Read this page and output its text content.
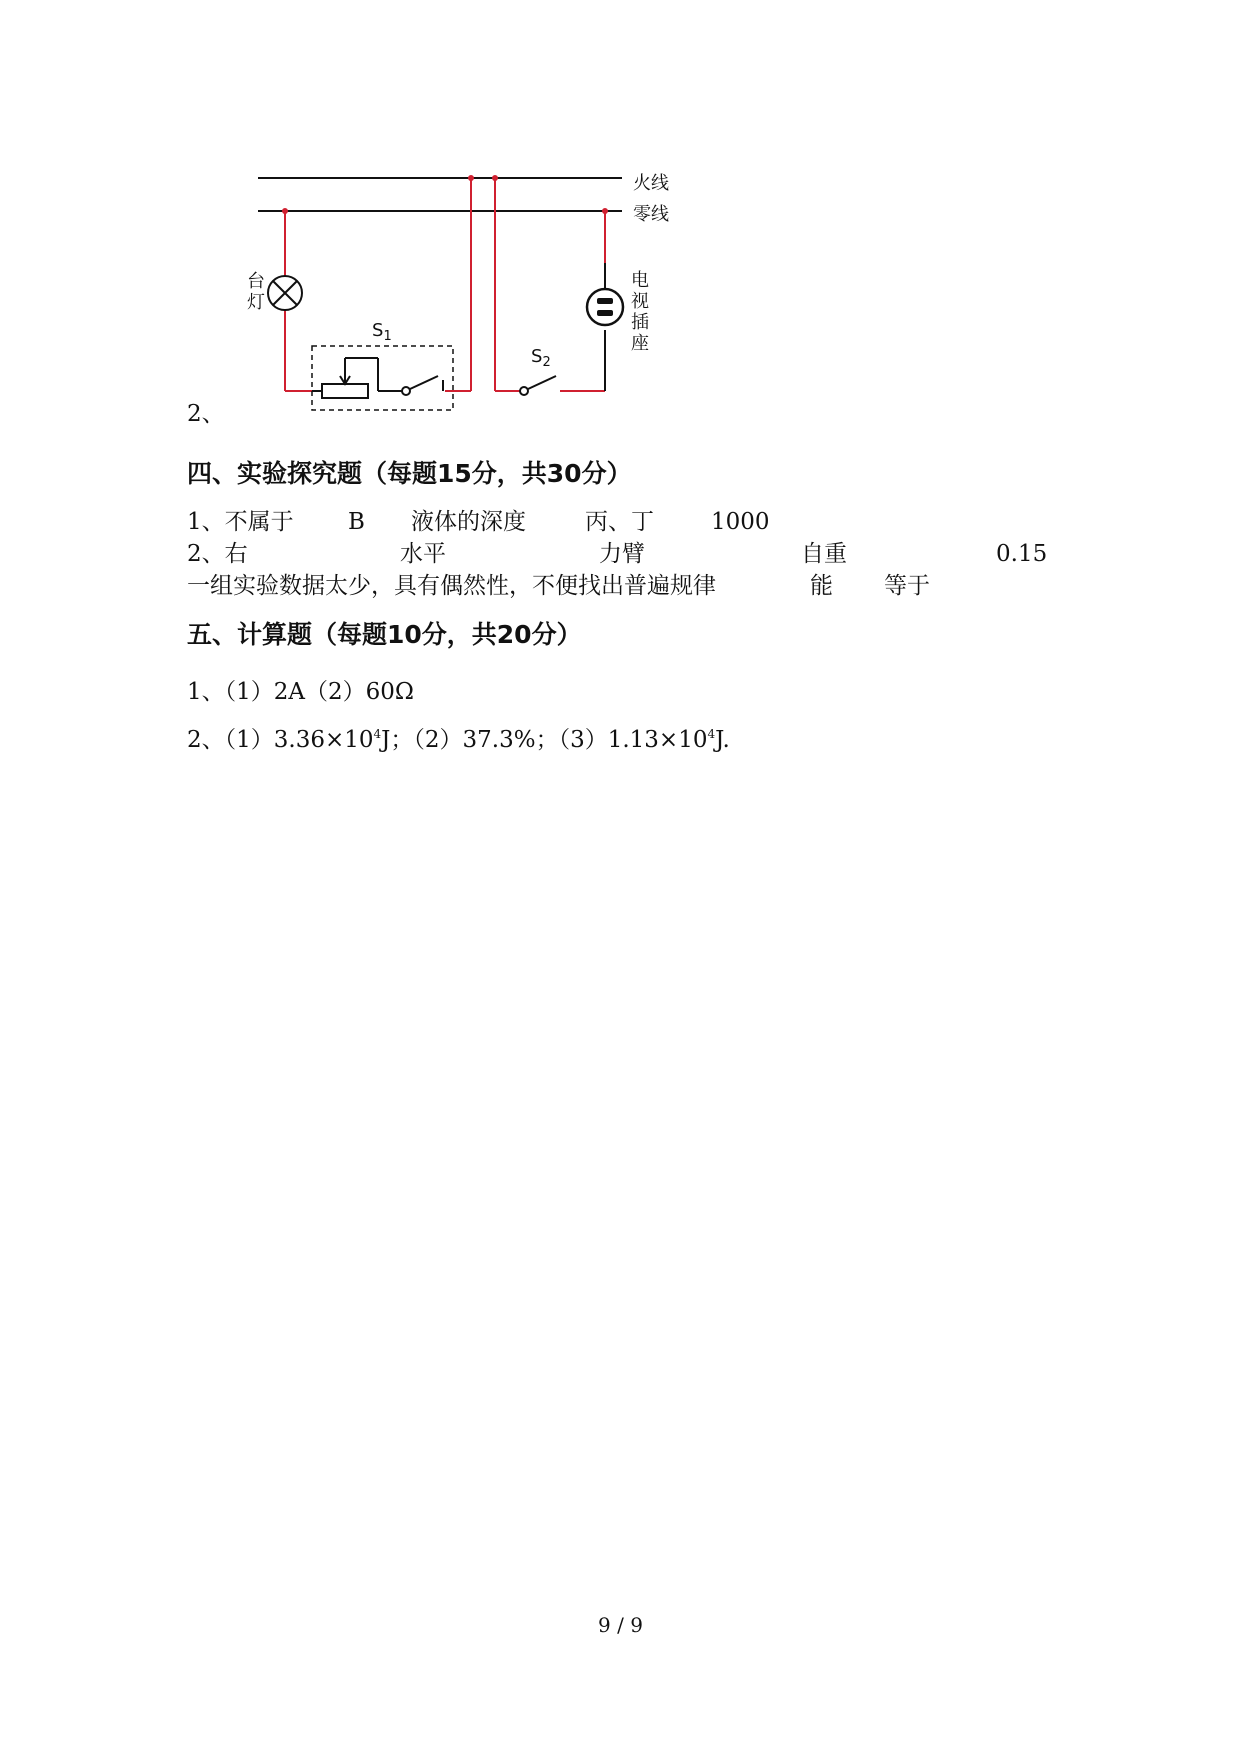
火线
零线
台
灯
电
视
插
座
$S_1$
$S_2$
2、
四、实验探究题（每题15分，共30分）
1、不属于 B 液体的深度	丙、丁 1000
2、右	水平	力臂	自重	0.15
一组实验数据太少，具有偶然性，不便找出普遍规律	能 等于
五、计算题（每题10分，共20分）
1、（1）2A（2）60Ω
2、$(1)3.36\times 10^4J$；（2）37.3%；$(3)1.13\times 10^4J$.
9 / 9
